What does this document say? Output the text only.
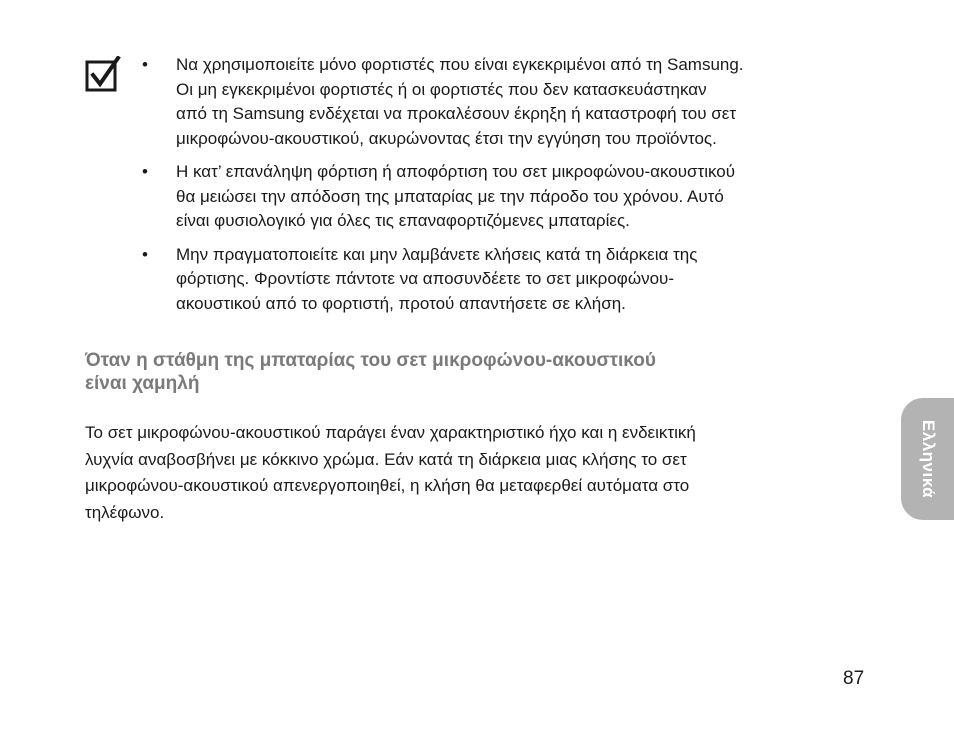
• Να χρησιμοποιείτε μόνο φορτιστές που είναι εγκεκριμένοι από τη Samsung.
Οι μη εγκεκριμένοι φορτιστές ή οι φορτιστές που δεν κατασκευάστηκαν
από τη Samsung ενδέχεται να προκαλέσουν έκρηξη ή καταστροφή του σετ
μικροφώνου-ακουστικού, ακυρώνοντας έτσι την εγγύηση του προϊόντος.
• Η κατ’ επανάληψη φόρτιση ή αποφόρτιση του σετ μικροφώνου-ακουστικού
θα μειώσει την απόδοση της μπαταρίας με την πάροδο του χρόνου. Αυτό
είναι φυσιολογικό για όλες τις επαναφορτιζόμενες μπαταρίες.
• Μην πραγματοποιείτε και μην λαμβάνετε κλήσεις κατά τη διάρκεια της
φόρτισης. Φροντίστε πάντοτε να αποσυνδέετε το σετ μικροφώνου-
ακουστικού από το φορτιστή, προτού απαντήσετε σε κλήση.
Όταν η στάθμη της μπαταρίας του σετ μικροφώνου-ακουστικού
είναι χαμηλή

Το σετ μικροφώνου-ακουστικού παράγει έναν χαρακτηριστικό ήχο και η ενδεικτική
λυχνία αναβοσβήνει με κόκκινο χρώμα. Εάν κατά τη διάρκεια μιας κλήσης το σετ
μικροφώνου-ακουστικού απενεργοποιηθεί, η κλήση θα μεταφερθεί αυτόματα στο
τηλέφωνο.

Ελληνικά
87
